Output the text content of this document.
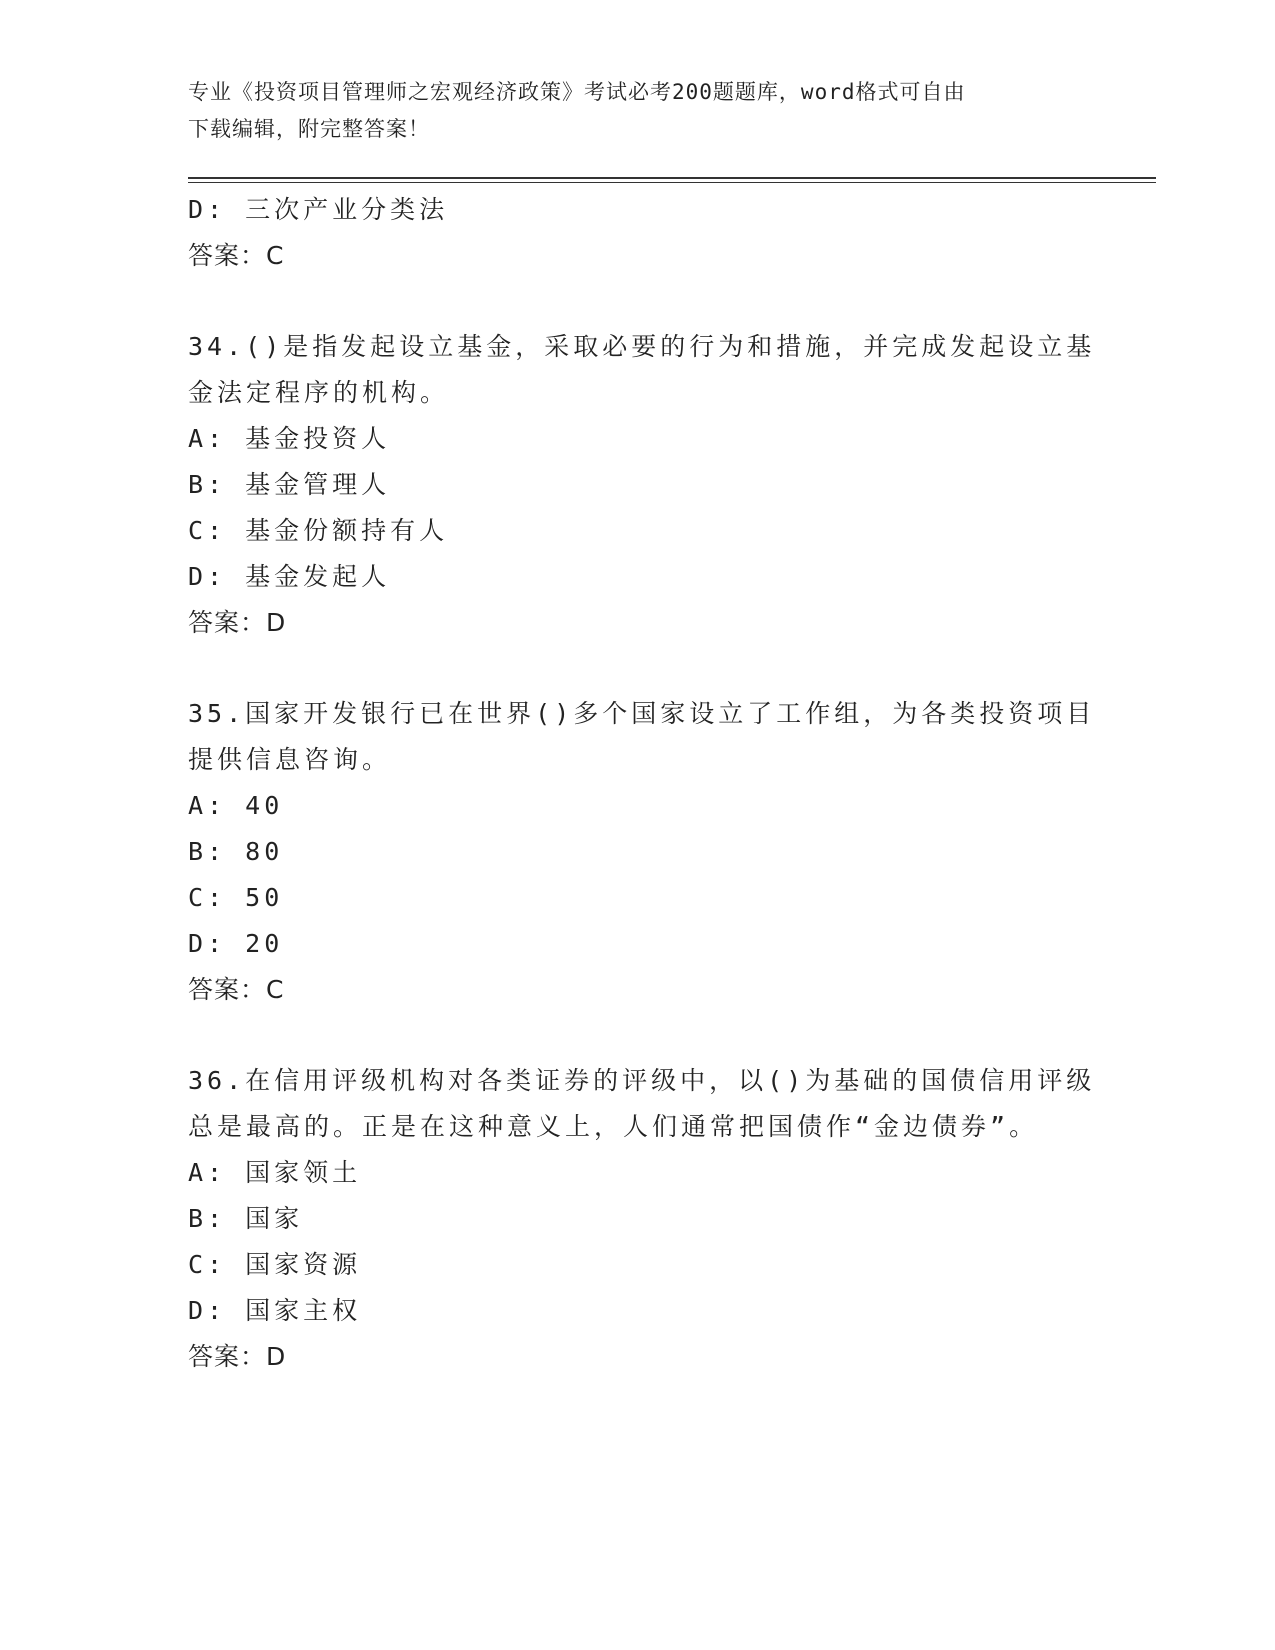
专业《投资项目管理师之宏观经济政策》考试必考200题题库，word格式可自由
下载编辑，附完整答案！
D: 三次产业分类法
答案：C
34.()是指发起设立基金，采取必要的行为和措施，并完成发起设立基
金法定程序的机构。
A: 基金投资人
B: 基金管理人
C: 基金份额持有人
D: 基金发起人
答案：D
35.国家开发银行已在世界()多个国家设立了工作组，为各类投资项目
提供信息咨询。
A: 40
B: 80
C: 50
D: 20
答案：C
36.在信用评级机构对各类证券的评级中，以()为基础的国债信用评级
总是最高的。正是在这种意义上，人们通常把国债作“金边债券”。
A: 国家领土
B: 国家
C: 国家资源
D: 国家主权
答案：D
